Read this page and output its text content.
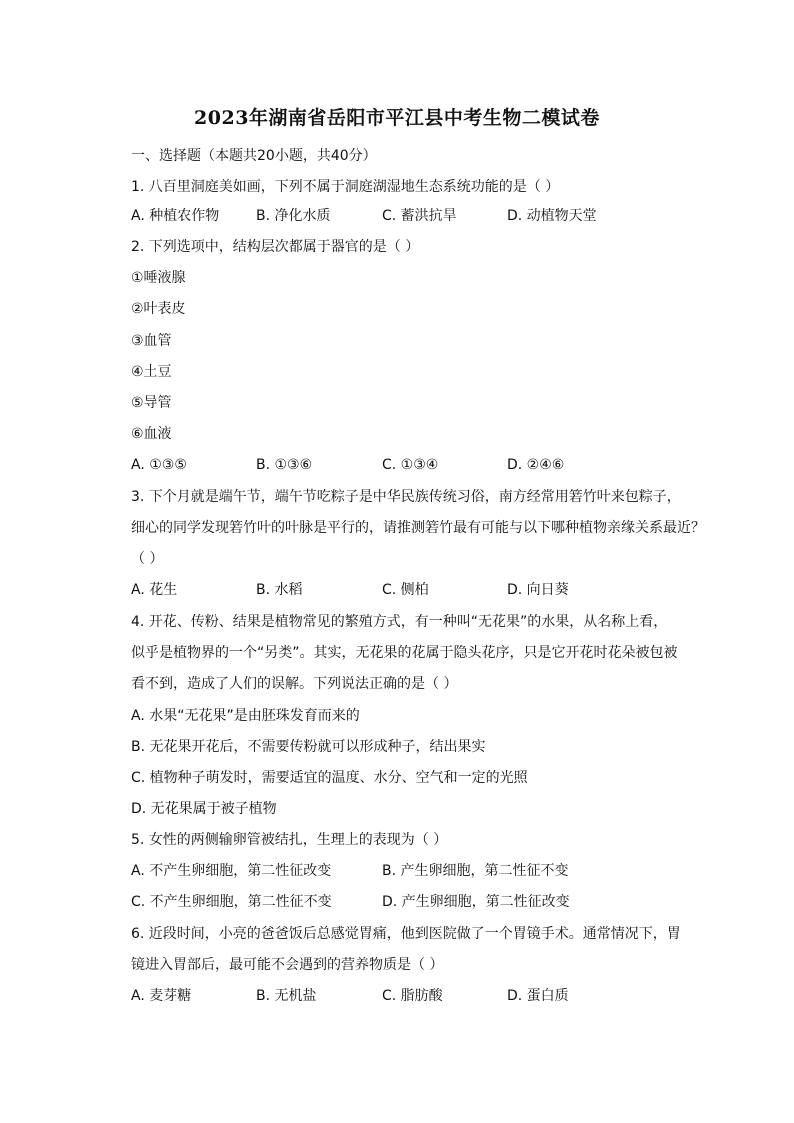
2023年湖南省岳阳市平江县中考生物二模试卷
一、选择题（本题共20小题，共40分）
1. 八百里洞庭美如画，下列不属于洞庭湖湿地生态系统功能的是（ ）
A. 种植农作物	B. 净化水质	C. 蓄洪抗旱	D. 动植物天堂
2. 下列选项中，结构层次都属于器官的是（ ）
①唾液腺
②叶表皮
③血管
④土豆
⑤导管
⑥血液
A. ①③⑤	B. ①③⑥	C. ①③④	D. ②④⑥
3. 下个月就是端午节，端午节吃粽子是中华民族传统习俗，南方经常用箬竹叶来包粽子，
细心的同学发现箬竹叶的叶脉是平行的，请推测箬竹最有可能与以下哪种植物亲缘关系最近？
（ ）
A. 花生	B. 水稻	C. 侧柏	D. 向日葵
4. 开花、传粉、结果是植物常见的繁殖方式，有一种叫“无花果”的水果，从名称上看，
似乎是植物界的一个“另类”。其实，无花果的花属于隐头花序，只是它开花时花朵被包被
看不到，造成了人们的误解。下列说法正确的是（ ）
A. 水果“无花果”是由胚珠发育而来的
B. 无花果开花后，不需要传粉就可以形成种子，结出果实
C. 植物种子萌发时，需要适宜的温度、水分、空气和一定的光照
D. 无花果属于被子植物
5. 女性的两侧输卵管被结扎，生理上的表现为（ ）
A. 不产生卵细胞，第二性征改变	B. 产生卵细胞，第二性征不变
C. 不产生卵细胞，第二性征不变	D. 产生卵细胞，第二性征改变
6. 近段时间，小亮的爸爸饭后总感觉胃痛，他到医院做了一个胃镜手术。通常情况下，胃
镜进入胃部后，最可能不会遇到的营养物质是（ ）
A. 麦芽糖	B. 无机盐	C. 脂肪酸	D. 蛋白质
